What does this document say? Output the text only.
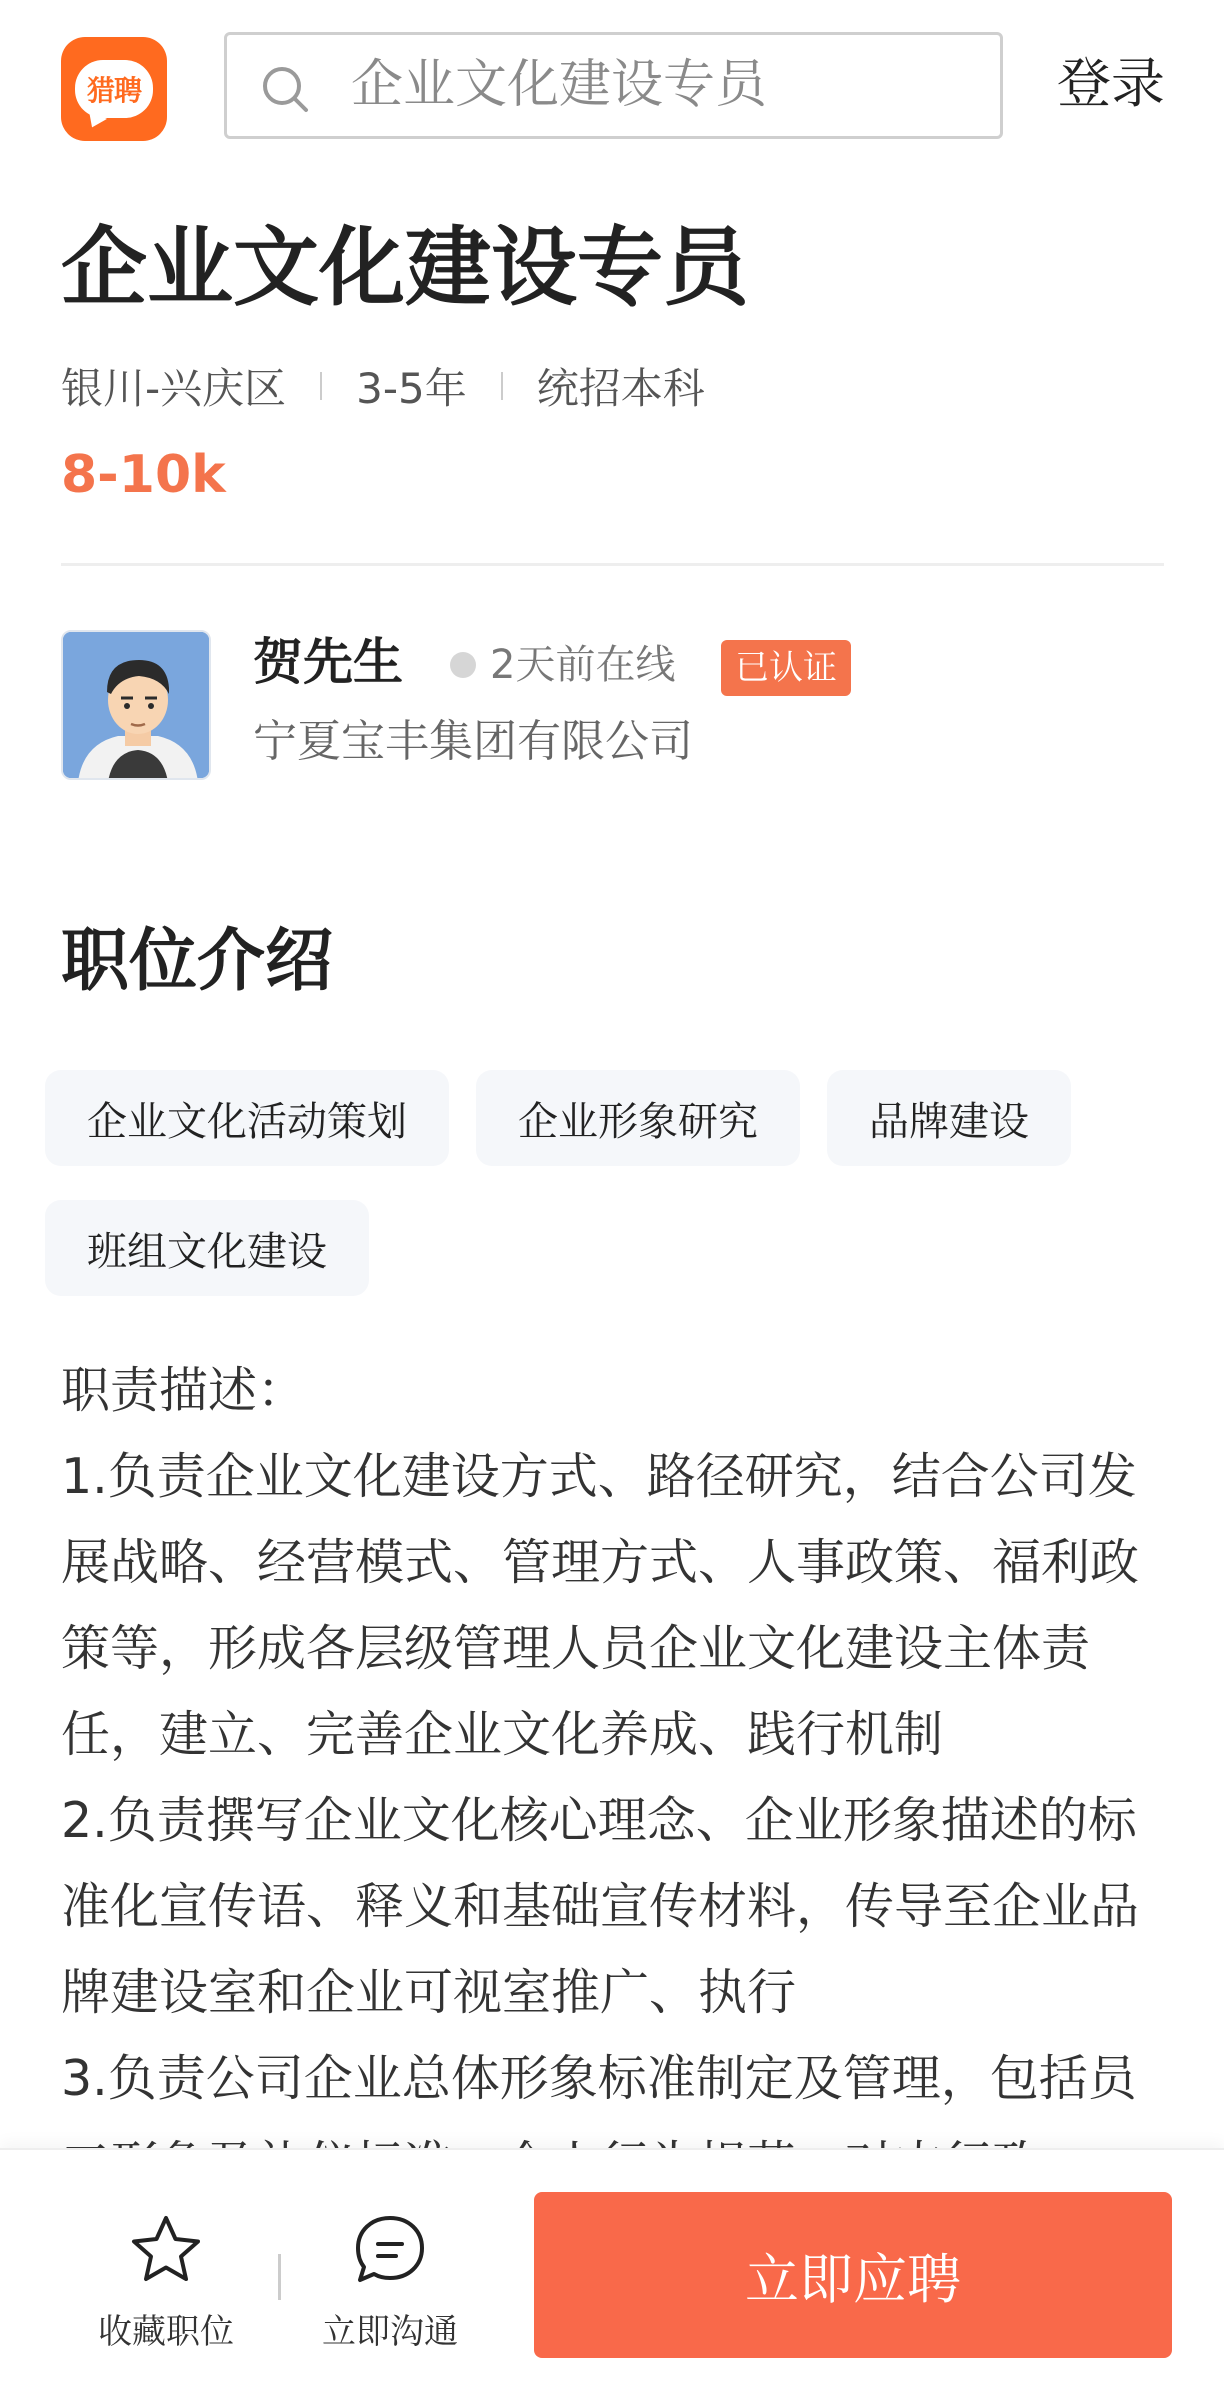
猎聘	企业文化建设专员	登录
企业文化建设专员
银川-兴庆区 3-5年 统招本科
8-10k
贺先生 2天前在线	已认证
宁夏宝丰集团有限公司
职位介绍
企业文化活动策划	企业形象研究	品牌建设
班组文化建设

职责描述：

1.负责企业文化建设方式、路径研究，结合公司发展战略、经营模式、管理方式、人事政策、福利政策等，形成各层级管理人员企业文化建设主体责任，建立、完善企业文化养成、践行机制

2.负责撰写企业文化核心理念、企业形象描述的标准化宣传语、释义和基础宣传材料，传导至企业品牌建设室和企业可视室推广、执行

3.负责公司企业总体形象标准制定及管理，包括员

收藏职位	立即沟通
立即应聘
